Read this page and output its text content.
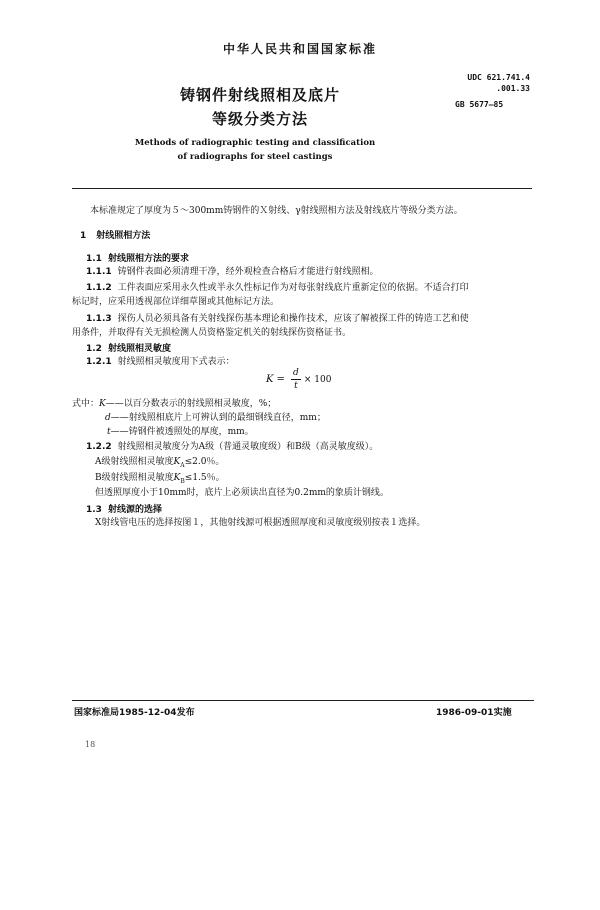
中华人民共和国国家标准
UDC 621.741.4
.001.33
GB 5677—85
铸钢件射线照相及底片
等级分类方法
Methods of radiographic testing and classification
of radiographs for steel castings
本标准规定了厚度为５～300mm铸钢件的Ｘ射线、γ射线照相方法及射线底片等级分类方法。
1 射线照相方法
1.1 射线照相方法的要求
1.1.1 铸钢件表面必须清理干净，经外观检查合格后才能进行射线照相。
1.1.2 工件表面应采用永久性或半永久性标记作为对每张射线底片重新定位的依据。不适合打印
标记时，应采用透视部位详细草图或其他标记方法。
1.1.3 探伤人员必须具备有关射线探伤基本理论和操作技术，应该了解被探工件的铸造工艺和使
用条件，并取得有关无损检测人员资格鉴定机关的射线探伤资格证书。
1.2 射线照相灵敏度
1.2.1 射线照相灵敏度用下式表示：
$K = \frac{d}{t} \times 100$
式中：K——以百分数表示的射线照相灵敏度，%；
d——射线照相底片上可辨认到的最细钢线直径，mm；
t——铸钢件被透照处的厚度，mm。
1.2.2 射线照相灵敏度分为A级（普通灵敏度级）和B级（高灵敏度级）。
A级射线照相灵敏度$K_A\le 2.0$％。
B级射线照相灵敏度$K_B\le 1.5$％。
但透照厚度小于10mm时，底片上必须读出直径为0.2mm的象质计钢线。
1.3 射线源的选择
X射线管电压的选择按图１，其他射线源可根据透照厚度和灵敏度级别按表１选择。
国家标准局1985-12-04发布	1986-09-01实施
18
